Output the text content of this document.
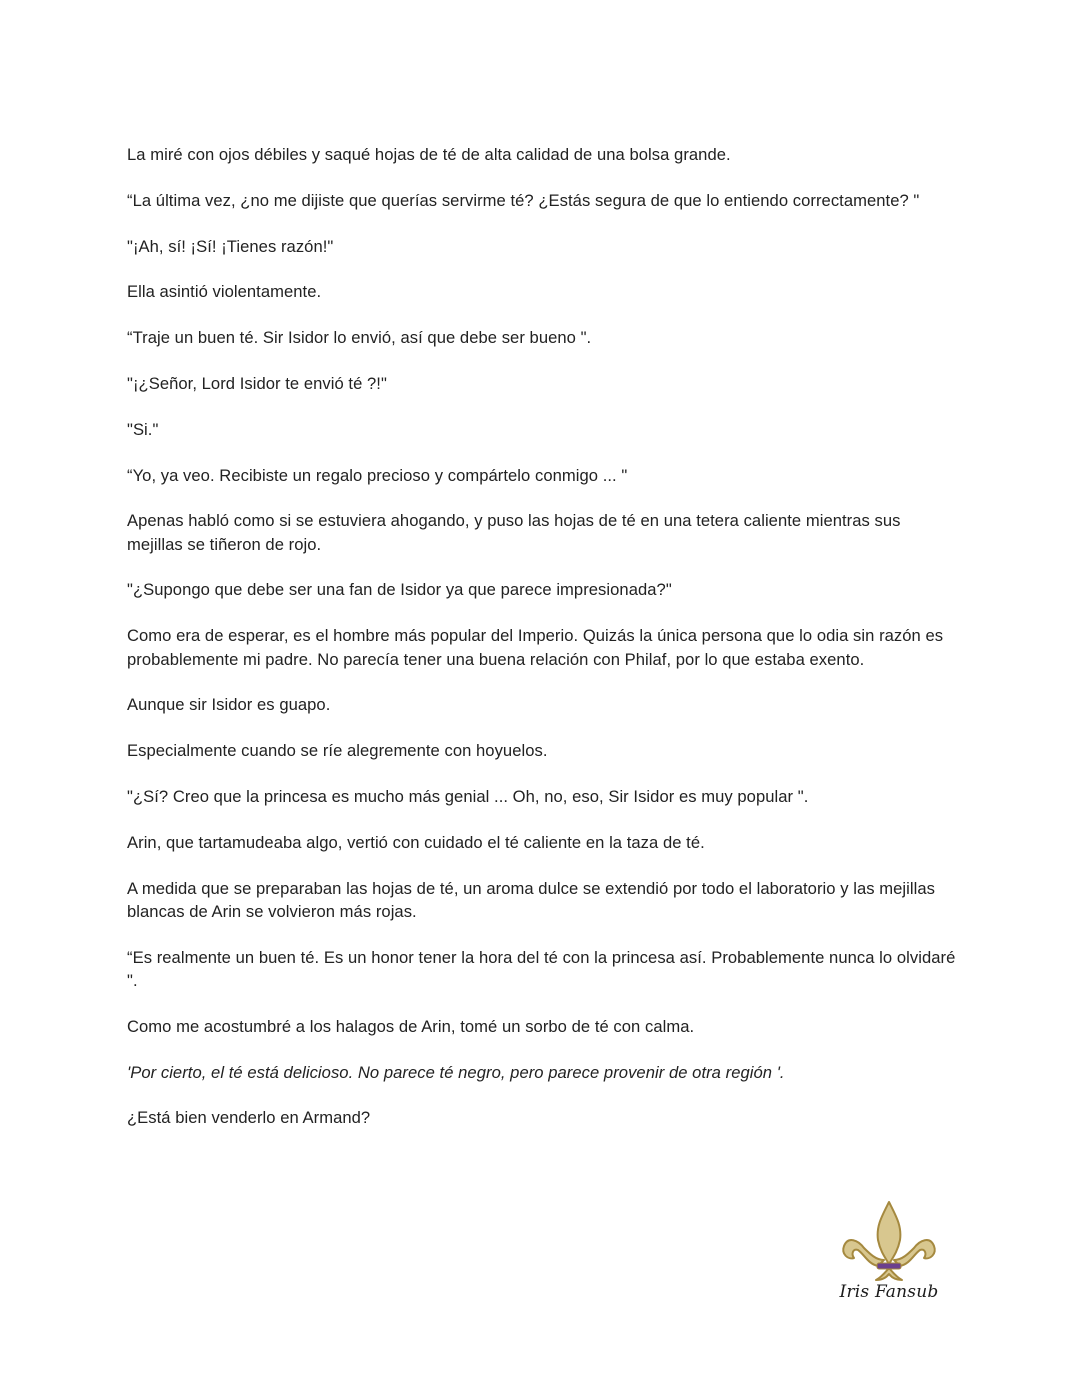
La miré con ojos débiles y saqué hojas de té de alta calidad de una bolsa grande.

“La última vez, ¿no me dijiste que querías servirme té? ¿Estás segura de que lo entiendo correctamente? "

"¡Ah, sí! ¡Sí! ¡Tienes razón!"

Ella asintió violentamente.

“Traje un buen té. Sir Isidor lo envió, así que debe ser bueno ".

"¡¿Señor, Lord Isidor te envió té ?!"

"Si."

“Yo, ya veo. Recibiste un regalo precioso y compártelo conmigo ... "

Apenas habló como si se estuviera ahogando, y puso las hojas de té en una tetera caliente mientras sus mejillas se tiñeron de rojo.

"¿Supongo que debe ser una fan de Isidor ya que parece impresionada?"

Como era de esperar, es el hombre más popular del Imperio. Quizás la única persona que lo odia sin razón es probablemente mi padre. No parecía tener una buena relación con Philaf, por lo que estaba exento.

Aunque sir Isidor es guapo.

Especialmente cuando se ríe alegremente con hoyuelos.

"¿Sí? Creo que la princesa es mucho más genial ... Oh, no, eso, Sir Isidor es muy popular ".

Arin, que tartamudeaba algo, vertió con cuidado el té caliente en la taza de té.

A medida que se preparaban las hojas de té, un aroma dulce se extendió por todo el laboratorio y las mejillas blancas de Arin se volvieron más rojas.

“Es realmente un buen té. Es un honor tener la hora del té con la princesa así. Probablemente nunca lo olvidaré ".

Como me acostumbré a los halagos de Arin, tomé un sorbo de té con calma.

'Por cierto, el té está delicioso. No parece té negro, pero parece provenir de otra región '.

¿Está bien venderlo en Armand?

Iris Fansub
